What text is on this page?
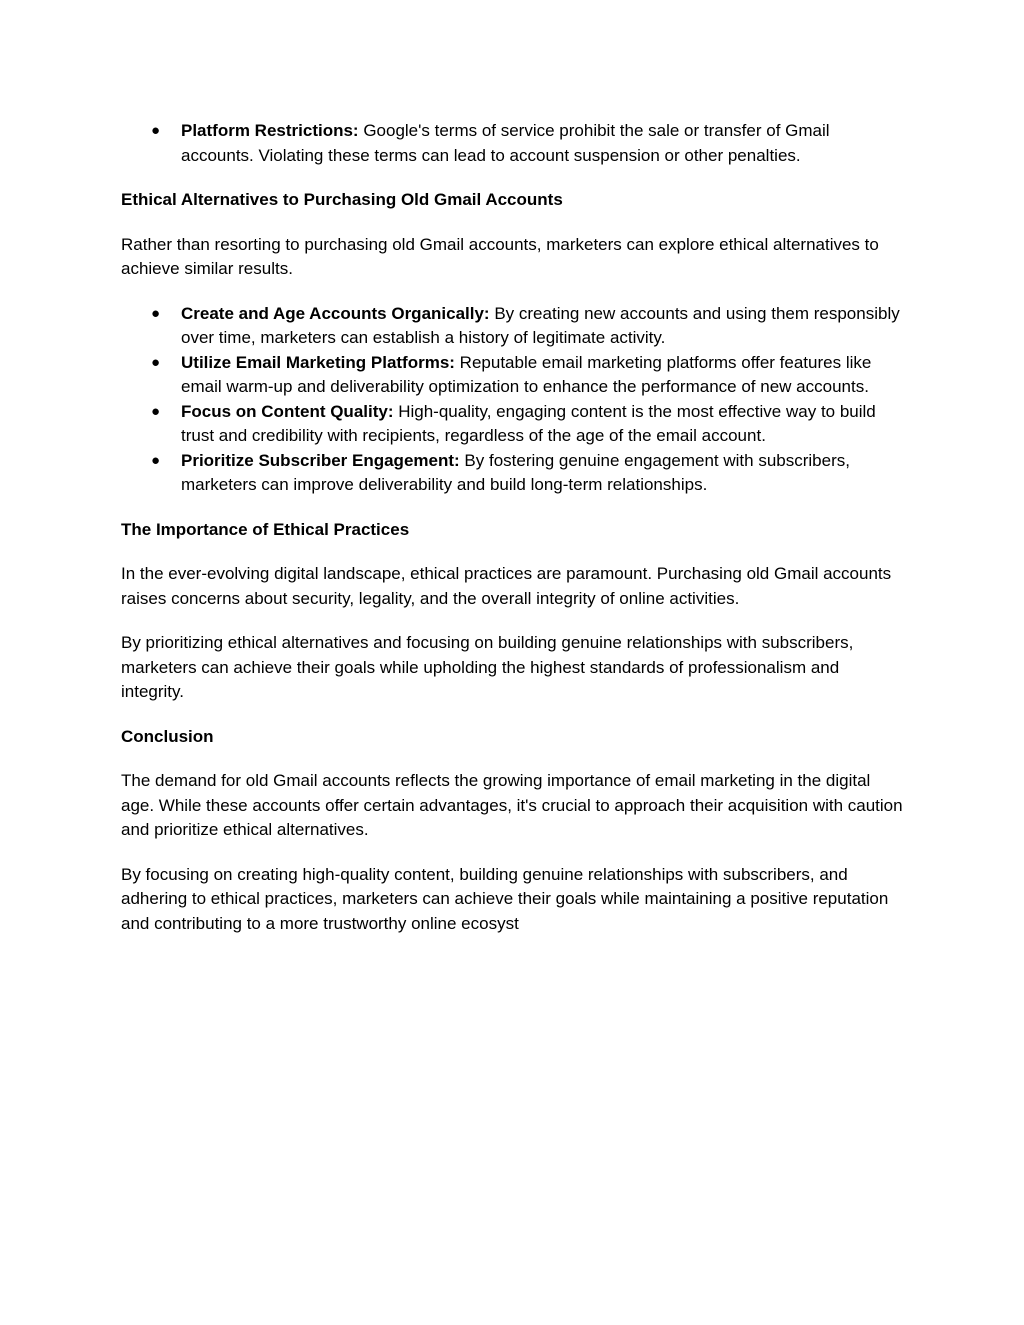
● Platform Restrictions: Google's terms of service prohibit the sale or transfer of Gmail accounts. Violating these terms can lead to account suspension or other penalties.

Ethical Alternatives to Purchasing Old Gmail Accounts

Rather than resorting to purchasing old Gmail accounts, marketers can explore ethical alternatives to achieve similar results.

● Create and Age Accounts Organically: By creating new accounts and using them responsibly over time, marketers can establish a history of legitimate activity.
● Utilize Email Marketing Platforms: Reputable email marketing platforms offer features like email warm-up and deliverability optimization to enhance the performance of new accounts.
● Focus on Content Quality: High-quality, engaging content is the most effective way to build trust and credibility with recipients, regardless of the age of the email account.
● Prioritize Subscriber Engagement: By fostering genuine engagement with subscribers, marketers can improve deliverability and build long-term relationships.

The Importance of Ethical Practices

In the ever-evolving digital landscape, ethical practices are paramount. Purchasing old Gmail accounts raises concerns about security, legality, and the overall integrity of online activities.

By prioritizing ethical alternatives and focusing on building genuine relationships with subscribers, marketers can achieve their goals while upholding the highest standards of professionalism and integrity.

Conclusion

The demand for old Gmail accounts reflects the growing importance of email marketing in the digital age. While these accounts offer certain advantages, it's crucial to approach their acquisition with caution and prioritize ethical alternatives.

By focusing on creating high-quality content, building genuine relationships with subscribers, and adhering to ethical practices, marketers can achieve their goals while maintaining a positive reputation and contributing to a more trustworthy online ecosyst
